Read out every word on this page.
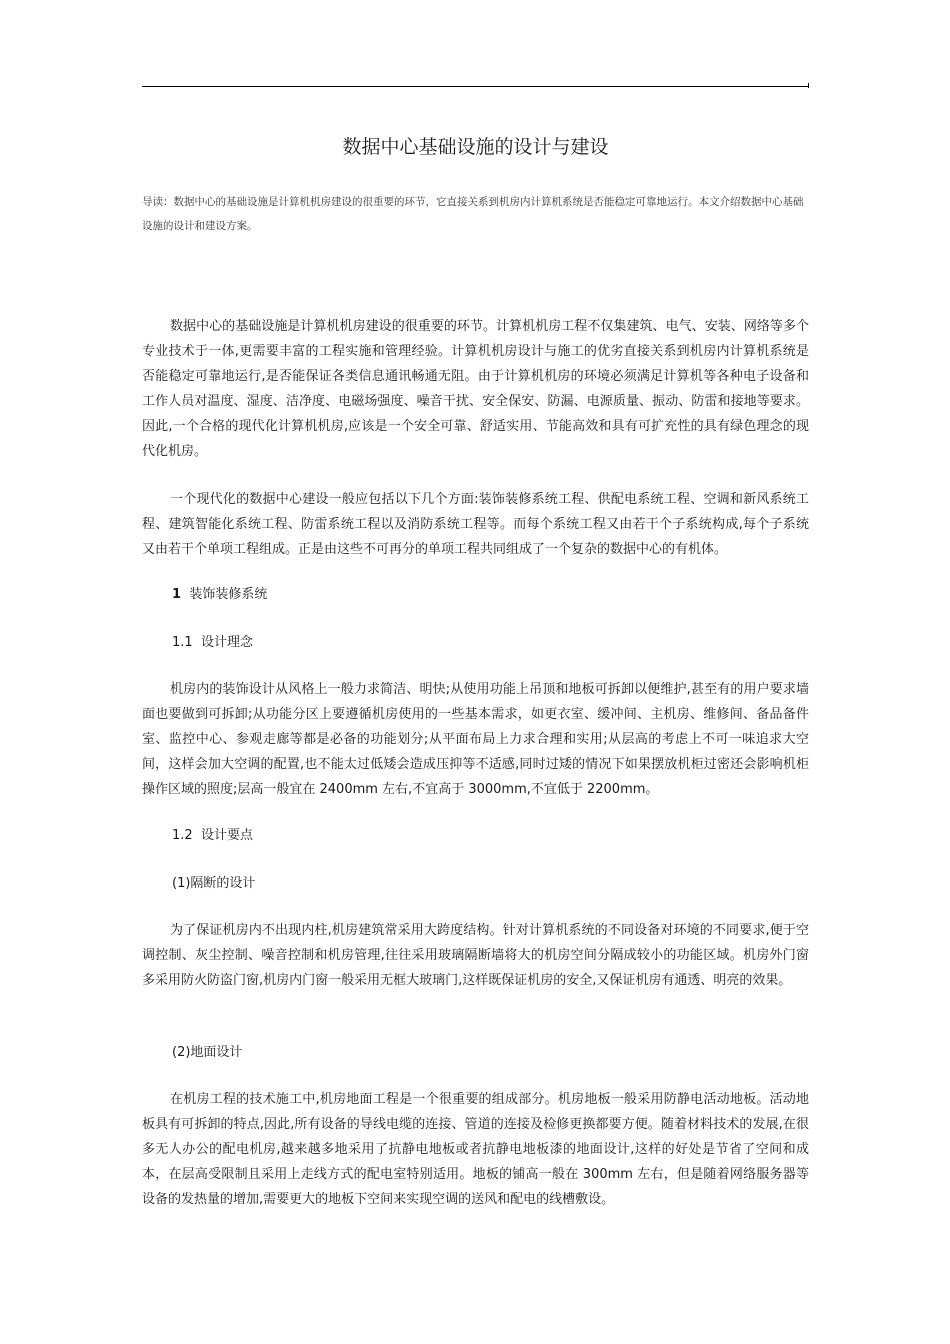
数据中心基础设施的设计与建设

导读：数据中心的基础设施是计算机机房建设的很重要的环节，它直接关系到机房内计算机系统是否能稳定可靠地运行。本文介绍数据中心基础设施的设计和建设方案。

数据中心的基础设施是计算机机房建设的很重要的环节。计算机机房工程不仅集建筑、电气、安装、网络等多个专业技术于一体,更需要丰富的工程实施和管理经验。计算机机房设计与施工的优劣直接关系到机房内计算机系统是否能稳定可靠地运行,是否能保证各类信息通讯畅通无阻。由于计算机机房的环境必须满足计算机等各种电子设备和工作人员对温度、湿度、洁净度、电磁场强度、噪音干扰、安全保安、防漏、电源质量、振动、防雷和接地等要求。因此,一个合格的现代化计算机机房,应该是一个安全可靠、舒适实用、节能高效和具有可扩充性的具有绿色理念的现代化机房。

一个现代化的数据中心建设一般应包括以下几个方面:装饰装修系统工程、供配电系统工程、空调和新风系统工程、建筑智能化系统工程、防雷系统工程以及消防系统工程等。而每个系统工程又由若干个子系统构成,每个子系统又由若干个单项工程组成。正是由这些不可再分的单项工程共同组成了一个复杂的数据中心的有机体。

1 装饰装修系统
1.1 设计理念

机房内的装饰设计从风格上一般力求简洁、明快;从使用功能上吊顶和地板可拆卸以便维护,甚至有的用户要求墙面也要做到可拆卸;从功能分区上要遵循机房使用的一些基本需求，如更衣室、缓冲间、主机房、维修间、备品备件室、监控中心、参观走廊等都是必备的功能划分;从平面布局上力求合理和实用;从层高的考虑上不可一味追求大空间，这样会加大空调的配置,也不能太过低矮会造成压抑等不适感,同时过矮的情况下如果摆放机柜过密还会影响机柜操作区域的照度;层高一般宜在 2400mm 左右,不宜高于 3000mm,不宜低于 2200mm。

1.2 设计要点
(1)隔断的设计

为了保证机房内不出现内柱,机房建筑常采用大跨度结构。针对计算机系统的不同设备对环境的不同要求,便于空调控制、灰尘控制、噪音控制和机房管理,往往采用玻璃隔断墙将大的机房空间分隔成较小的功能区域。机房外门窗多采用防火防盗门窗,机房内门窗一般采用无框大玻璃门,这样既保证机房的安全,又保证机房有通透、明亮的效果。

(2)地面设计

在机房工程的技术施工中,机房地面工程是一个很重要的组成部分。机房地板一般采用防静电活动地板。活动地板具有可拆卸的特点,因此,所有设备的导线电缆的连接、管道的连接及检修更换都要方便。随着材料技术的发展,在很多无人办公的配电机房,越来越多地采用了抗静电地板或者抗静电地板漆的地面设计,这样的好处是节省了空间和成本，在层高受限制且采用上走线方式的配电室特别适用。地板的铺高一般在 300mm 左右，但是随着网络服务器等设备的发热量的增加,需要更大的地板下空间来实现空调的送风和配电的线槽敷设。
